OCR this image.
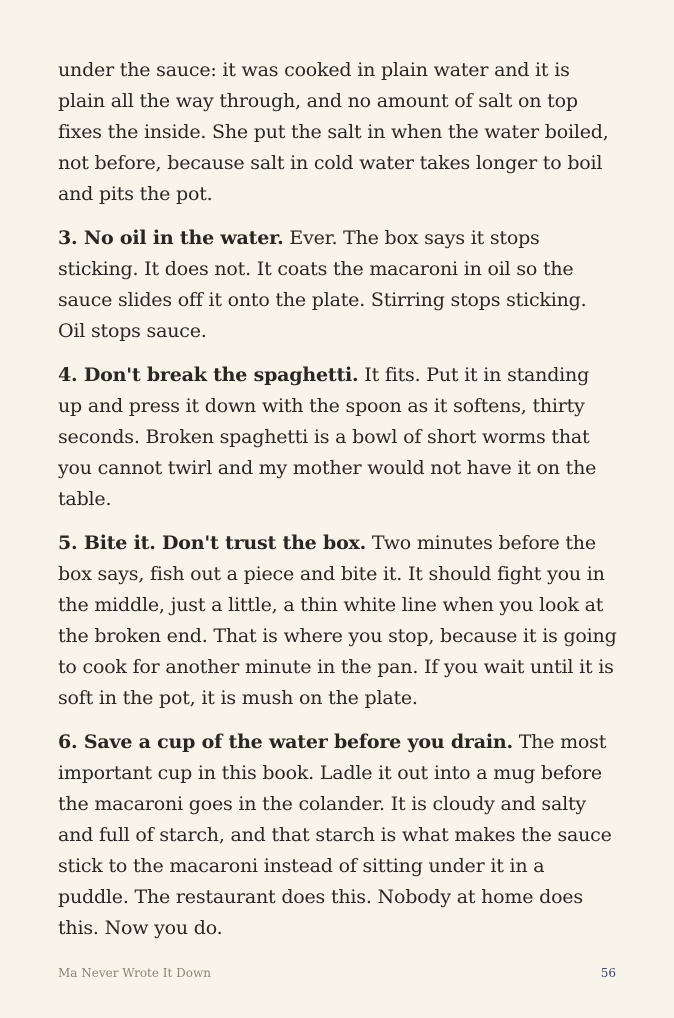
under the sauce: it was cooked in plain water and it is plain all the way through, and no amount of salt on top fixes the inside. She put the salt in when the water boiled, not before, because salt in cold water takes longer to boil and pits the pot.

3. No oil in the water. Ever. The box says it stops sticking. It does not. It coats the macaroni in oil so the sauce slides off it onto the plate. Stirring stops sticking. Oil stops sauce.

4. Don't break the spaghetti. It fits. Put it in standing up and press it down with the spoon as it softens, thirty seconds. Broken spaghetti is a bowl of short worms that you cannot twirl and my mother would not have it on the table.

5. Bite it. Don't trust the box. Two minutes before the box says, fish out a piece and bite it. It should fight you in the middle, just a little, a thin white line when you look at the broken end. That is where you stop, because it is going to cook for another minute in the pan. If you wait until it is soft in the pot, it is mush on the plate.

6. Save a cup of the water before you drain. The most important cup in this book. Ladle it out into a mug before the macaroni goes in the colander. It is cloudy and salty and full of starch, and that starch is what makes the sauce stick to the macaroni instead of sitting under it in a puddle. The restaurant does this. Nobody at home does this. Now you do.

Ma Never Wrote It Down	56
